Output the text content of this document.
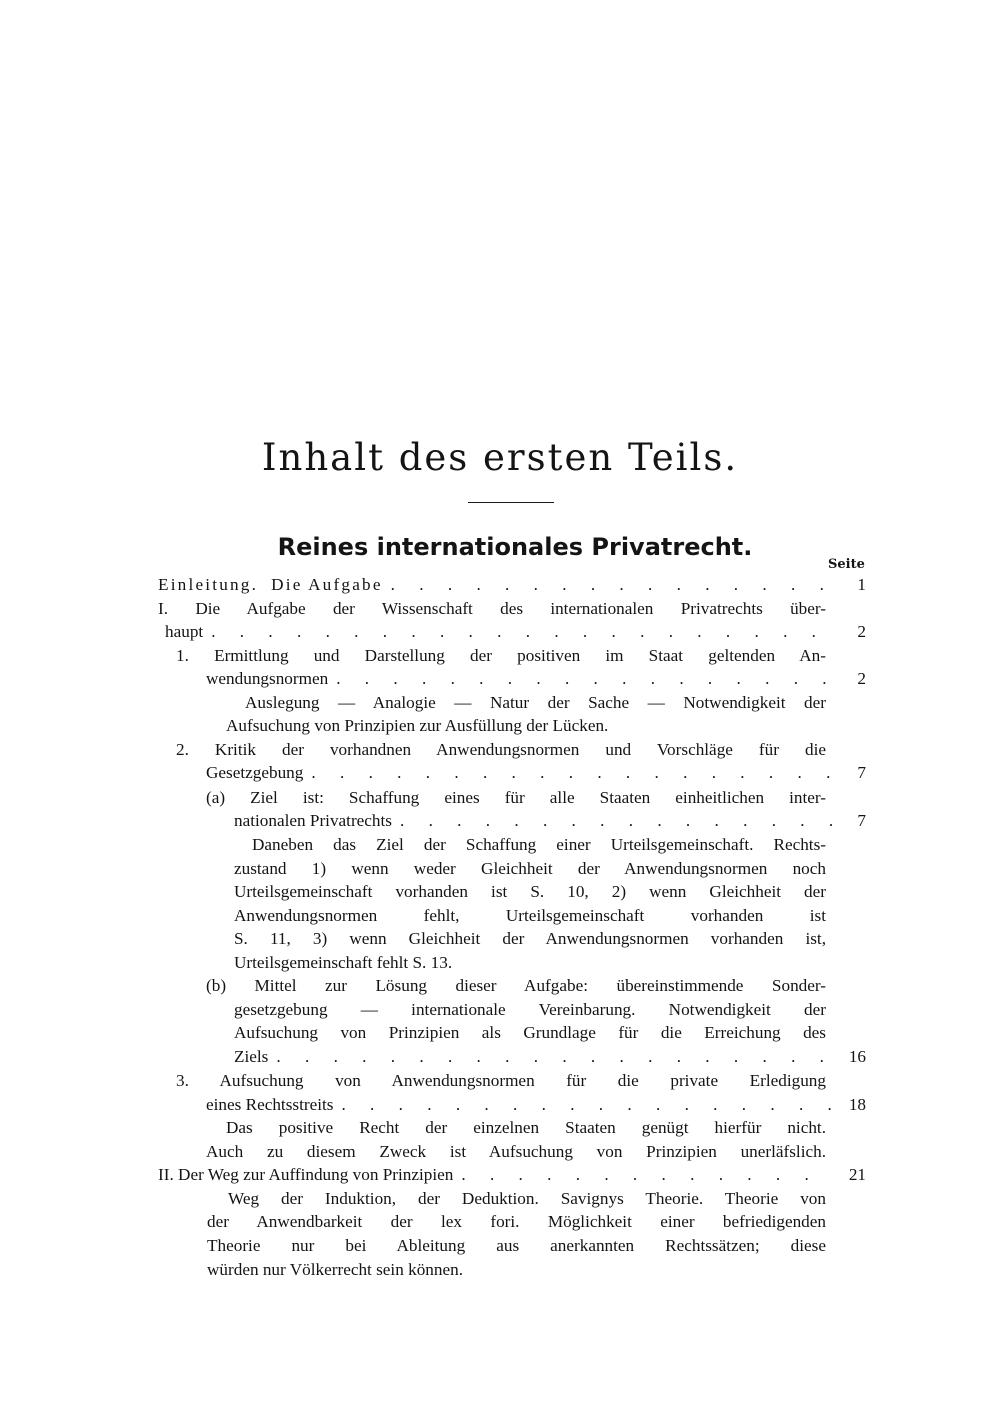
Inhalt des ersten Teils.
Reines internationales Privatrecht.
Seite
Einleitung. Die Aufgabe . . .	1
I. Die Aufgabe der Wissenschaft des internationalen Privatrechts über-
haupt . . .	2
1. Ermittlung und Darstellung der positiven im Staat geltenden An-
wendungsnormen . . .	2
Auslegung — Analogie — Natur der Sache — Notwendigkeit der
Aufsuchung von Prinzipien zur Ausfüllung der Lücken.
2. Kritik der vorhandnen Anwendungsnormen und Vorschläge für die
Gesetzgebung . . .	7
(a) Ziel ist: Schaffung eines für alle Staaten einheitlichen inter-
nationalen Privatrechts . . .	7
Daneben das Ziel der Schaffung einer Urteilsgemeinschaft. Rechts-
zustand 1) wenn weder Gleichheit der Anwendungsnormen noch
Urteilsgemeinschaft vorhanden ist S. 10, 2) wenn Gleichheit der
Anwendungsnormen fehlt, Urteilsgemeinschaft vorhanden ist
S. 11, 3) wenn Gleichheit der Anwendungsnormen vorhanden ist,
Urteilsgemeinschaft fehlt S. 13.
(b) Mittel zur Lösung dieser Aufgabe: übereinstimmende Sonder-
gesetzgebung — internationale Vereinbarung. Notwendigkeit der
Aufsuchung von Prinzipien als Grundlage für die Erreichung des
Ziels . . .	16
3. Aufsuchung von Anwendungsnormen für die private Erledigung
eines Rechtsstreits . . .	18
Das positive Recht der einzelnen Staaten genügt hierfür nicht.
Auch zu diesem Zweck ist Aufsuchung von Prinzipien unerläfslich.
II. Der Weg zur Auffindung von Prinzipien . . .	21
Weg der Induktion, der Deduktion. Savignys Theorie. Theorie von
der Anwendbarkeit der lex fori. Möglichkeit einer befriedigenden
Theorie nur bei Ableitung aus anerkannten Rechtssätzen; diese
würden nur Völkerrecht sein können.
